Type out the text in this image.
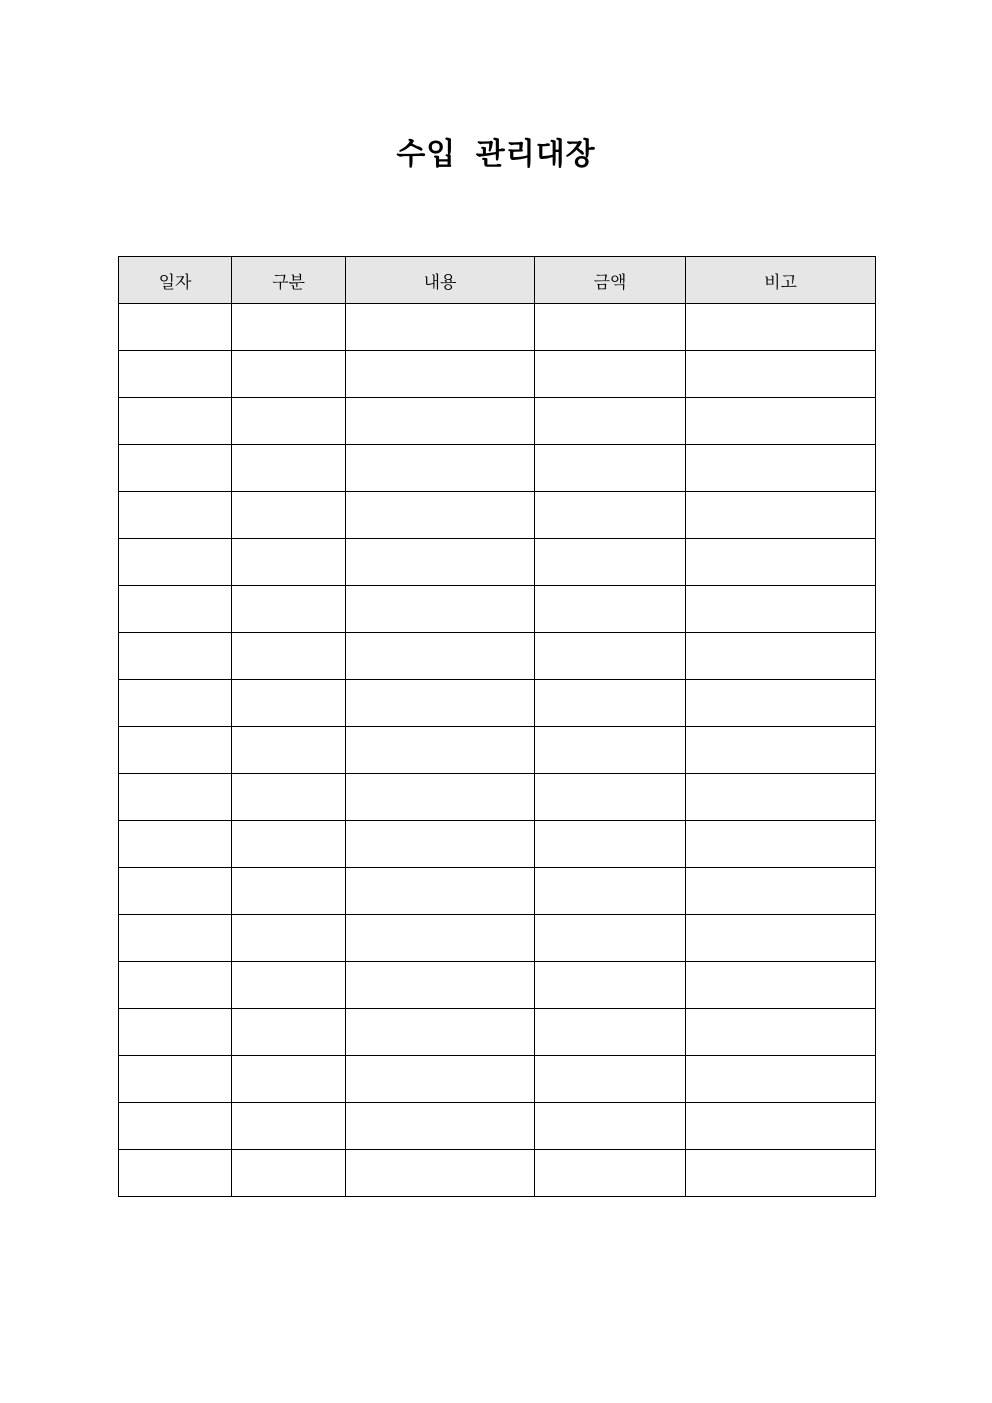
수입 관리대장
일자	구분	내용	금액	비고
